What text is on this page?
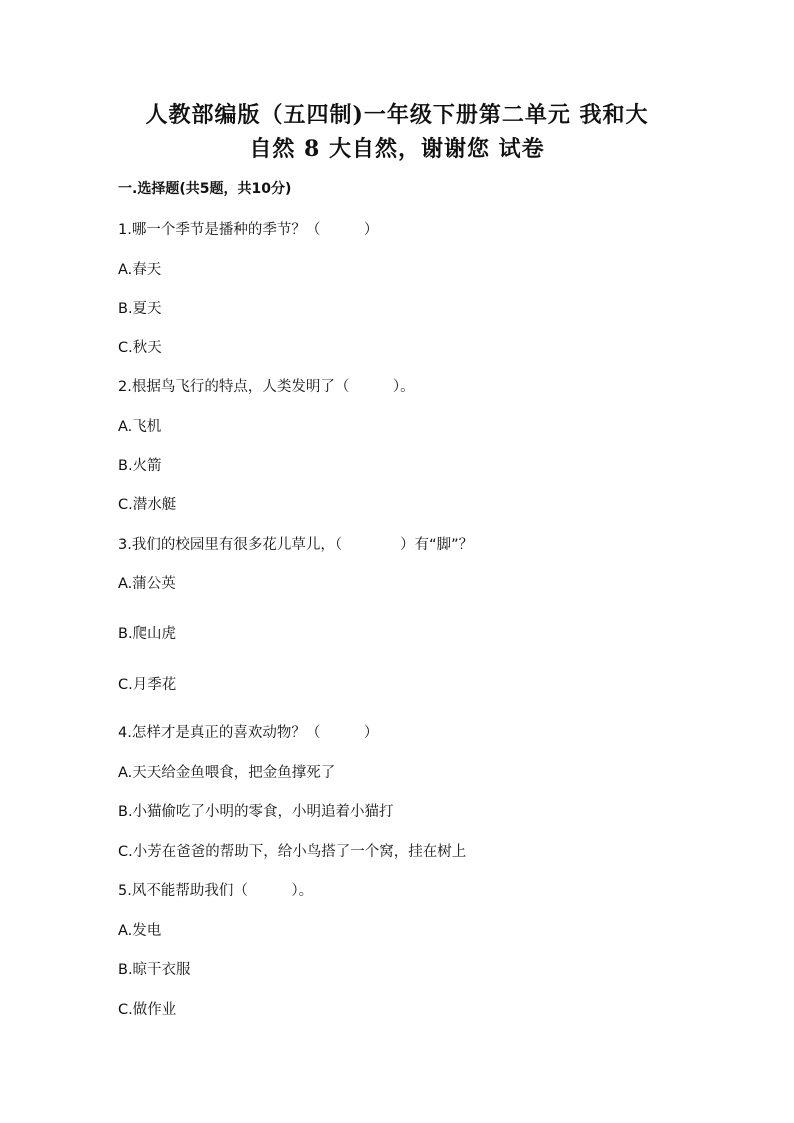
人教部编版（五四制)一年级下册第二单元 我和大
自然 8 大自然，谢谢您 试卷
一.选择题(共5题，共10分)
1.哪一个季节是播种的季节？（　　　）
A.春天
B.夏天
C.秋天
2.根据鸟飞行的特点，人类发明了（　　　）。
A.飞机
B.火箭
C.潜水艇
3.我们的校园里有很多花儿草儿，（　　　　）有“脚”？
A.蒲公英
B.爬山虎
C.月季花
4.怎样才是真正的喜欢动物？（　　　）
A.天天给金鱼喂食，把金鱼撑死了
B.小猫偷吃了小明的零食，小明追着小猫打
C.小芳在爸爸的帮助下，给小鸟搭了一个窝，挂在树上
5.风不能帮助我们（　　　）。
A.发电
B.晾干衣服
C.做作业
